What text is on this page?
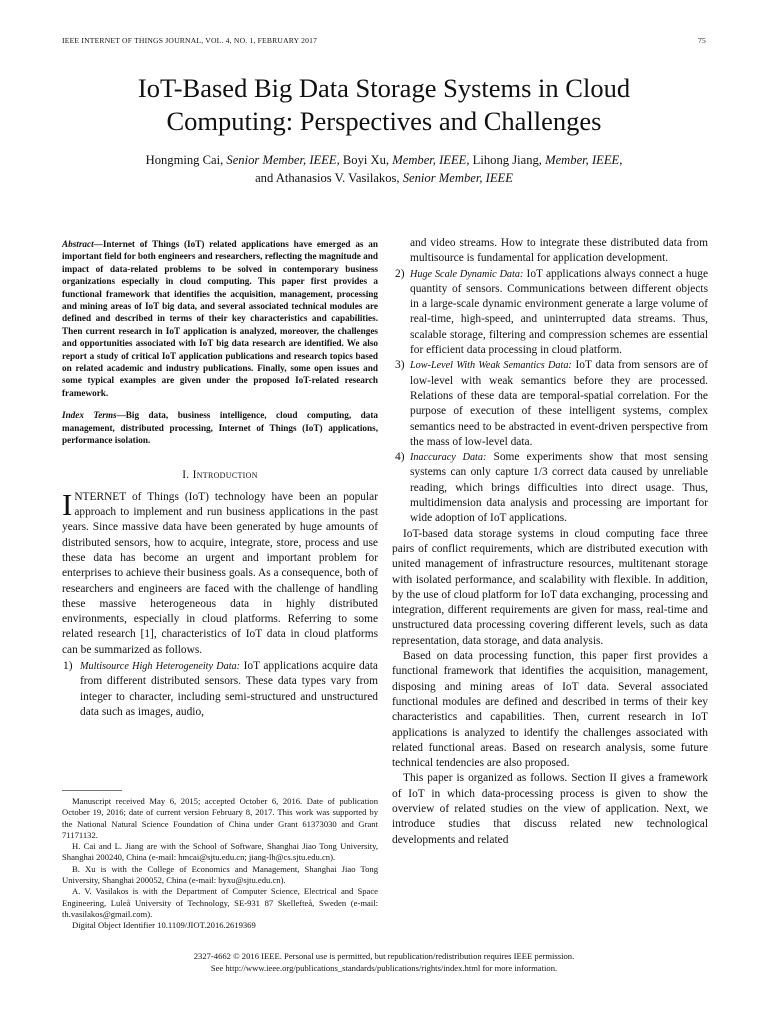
IEEE INTERNET OF THINGS JOURNAL, VOL. 4, NO. 1, FEBRUARY 2017	75
IoT-Based Big Data Storage Systems in Cloud
Computing: Perspectives and Challenges
Hongming Cai, Senior Member, IEEE, Boyi Xu, Member, IEEE, Lihong Jiang, Member, IEEE,
and Athanasios V. Vasilakos, Senior Member, IEEE

Abstract—Internet of Things (IoT) related applications have emerged as an important field for both engineers and researchers, reflecting the magnitude and impact of data-related problems to be solved in contemporary business organizations especially in cloud computing. This paper first provides a functional framework that identifies the acquisition, management, processing and mining areas of IoT big data, and several associated technical modules are defined and described in terms of their key characteristics and capabilities. Then current research in IoT application is analyzed, moreover, the challenges and opportunities associated with IoT big data research are identified. We also report a study of critical IoT application publications and research topics based on related academic and industry publications. Finally, some open issues and some typical examples are given under the proposed IoT-related research framework.

Index Terms—Big data, business intelligence, cloud computing, data management, distributed processing, Internet of Things (IoT) applications, performance isolation.

I. Introduction

INTERNET of Things (IoT) technology have been an popular approach to implement and run business applications in the past years. Since massive data have been generated by huge amounts of distributed sensors, how to acquire, integrate, store, process and use these data has become an urgent and important problem for enterprises to achieve their business goals. As a consequence, both of researchers and engineers are faced with the challenge of handling these massive heterogeneous data in highly distributed environments, especially in cloud platforms. Referring to some related research [1], characteristics of IoT data in cloud platforms can be summarized as follows.

1) Multisource High Heterogeneity Data: IoT applications acquire data from different distributed sensors. These data types vary from integer to character, including semi-structured and unstructured data such as images, audio,

and video streams. How to integrate these distributed data from multisource is fundamental for application development.

2) Huge Scale Dynamic Data: IoT applications always connect a huge quantity of sensors. Communications between different objects in a large-scale dynamic environment generate a large volume of real-time, high-speed, and uninterrupted data streams. Thus, scalable storage, filtering and compression schemes are essential for efficient data processing in cloud platform.
3) Low-Level With Weak Semantics Data: IoT data from sensors are of low-level with weak semantics before they are processed. Relations of these data are temporal-spatial correlation. For the purpose of execution of these intelligent systems, complex semantics need to be abstracted in event-driven perspective from the mass of low-level data.
4) Inaccuracy Data: Some experiments show that most sensing systems can only capture 1/3 correct data caused by unreliable reading, which brings difficulties into direct usage. Thus, multidimension data analysis and processing are important for wide adoption of IoT applications.

IoT-based data storage systems in cloud computing face three pairs of conflict requirements, which are distributed execution with united management of infrastructure resources, multitenant storage with isolated performance, and scalability with flexible. In addition, by the use of cloud platform for IoT data exchanging, processing and integration, different requirements are given for mass, real-time and unstructured data processing covering different levels, such as data representation, data storage, and data analysis.

Based on data processing function, this paper first provides a functional framework that identifies the acquisition, management, disposing and mining areas of IoT data. Several associated functional modules are defined and described in terms of their key characteristics and capabilities. Then, current research in IoT applications is analyzed to identify the challenges associated with related functional areas. Based on research analysis, some future technical tendencies are also proposed.

This paper is organized as follows. Section II gives a framework of IoT in which data-processing process is given to show the overview of related studies on the view of application. Next, we introduce studies that discuss related new technological developments and related

Manuscript received May 6, 2015; accepted October 6, 2016. Date of publication October 19, 2016; date of current version February 8, 2017. This work was supported by the National Natural Science Foundation of China under Grant 61373030 and Grant 71171132.

H. Cai and L. Jiang are with the School of Software, Shanghai Jiao Tong University, Shanghai 200240, China (e-mail: hmcai@sjtu.edu.cn; jiang-lh@cs.sjtu.edu.cn).

B. Xu is with the College of Economics and Management, Shanghai Jiao Tong University, Shanghai 200052, China (e-mail: byxu@sjtu.edu.cn).

A. V. Vasilakos is with the Department of Computer Science, Electrical and Space Engineering, Luleå University of Technology, SE-931 87 Skellefteå, Sweden (e-mail: th.vasilakos@gmail.com).

Digital Object Identifier 10.1109/JIOT.2016.2619369

2327-4662 © 2016 IEEE. Personal use is permitted, but republication/redistribution requires IEEE permission.
See http://www.ieee.org/publications_standards/publications/rights/index.html for more information.
